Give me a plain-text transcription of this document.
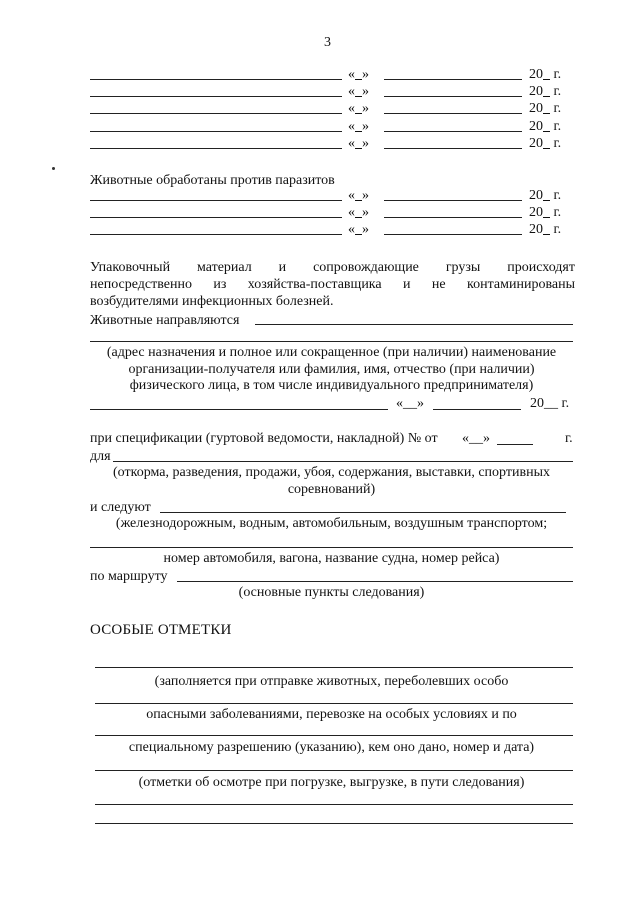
3
« »	20 г.
« »	20 г.
« »	20 г.
« »	20 г.
« »	20 г.
Животные обработаны против паразитов
« »	20 г.
« »	20 г.
« »	20 г.
Упаковочный материал и сопровождающие грузы происходят
непосредственно из хозяйства-поставщика и не контаминированы
возбудителями инфекционных болезней.
Животные направляются
(адрес назначения и полное или сокращенное (при наличии) наименование
организации-получателя или фамилия, имя, отчество (при наличии)
физического лица, в том числе индивидуального предпринимателя)
«__»	20__ г.
при спецификации (гуртовой ведомости, накладной) № от «__»	г.
для
(откорма, разведения, продажи, убоя, содержания, выставки, спортивных
соревнований)
и следуют
(железнодорожным, водным, автомобильным, воздушным транспортом;
номер автомобиля, вагона, название судна, номер рейса)
по маршруту
(основные пункты следования)
ОСОБЫЕ ОТМЕТКИ
(заполняется при отправке животных, переболевших особо
опасными заболеваниями, перевозке на особых условиях и по
специальному разрешению (указанию), кем оно дано, номер и дата)
(отметки об осмотре при погрузке, выгрузке, в пути следования)
